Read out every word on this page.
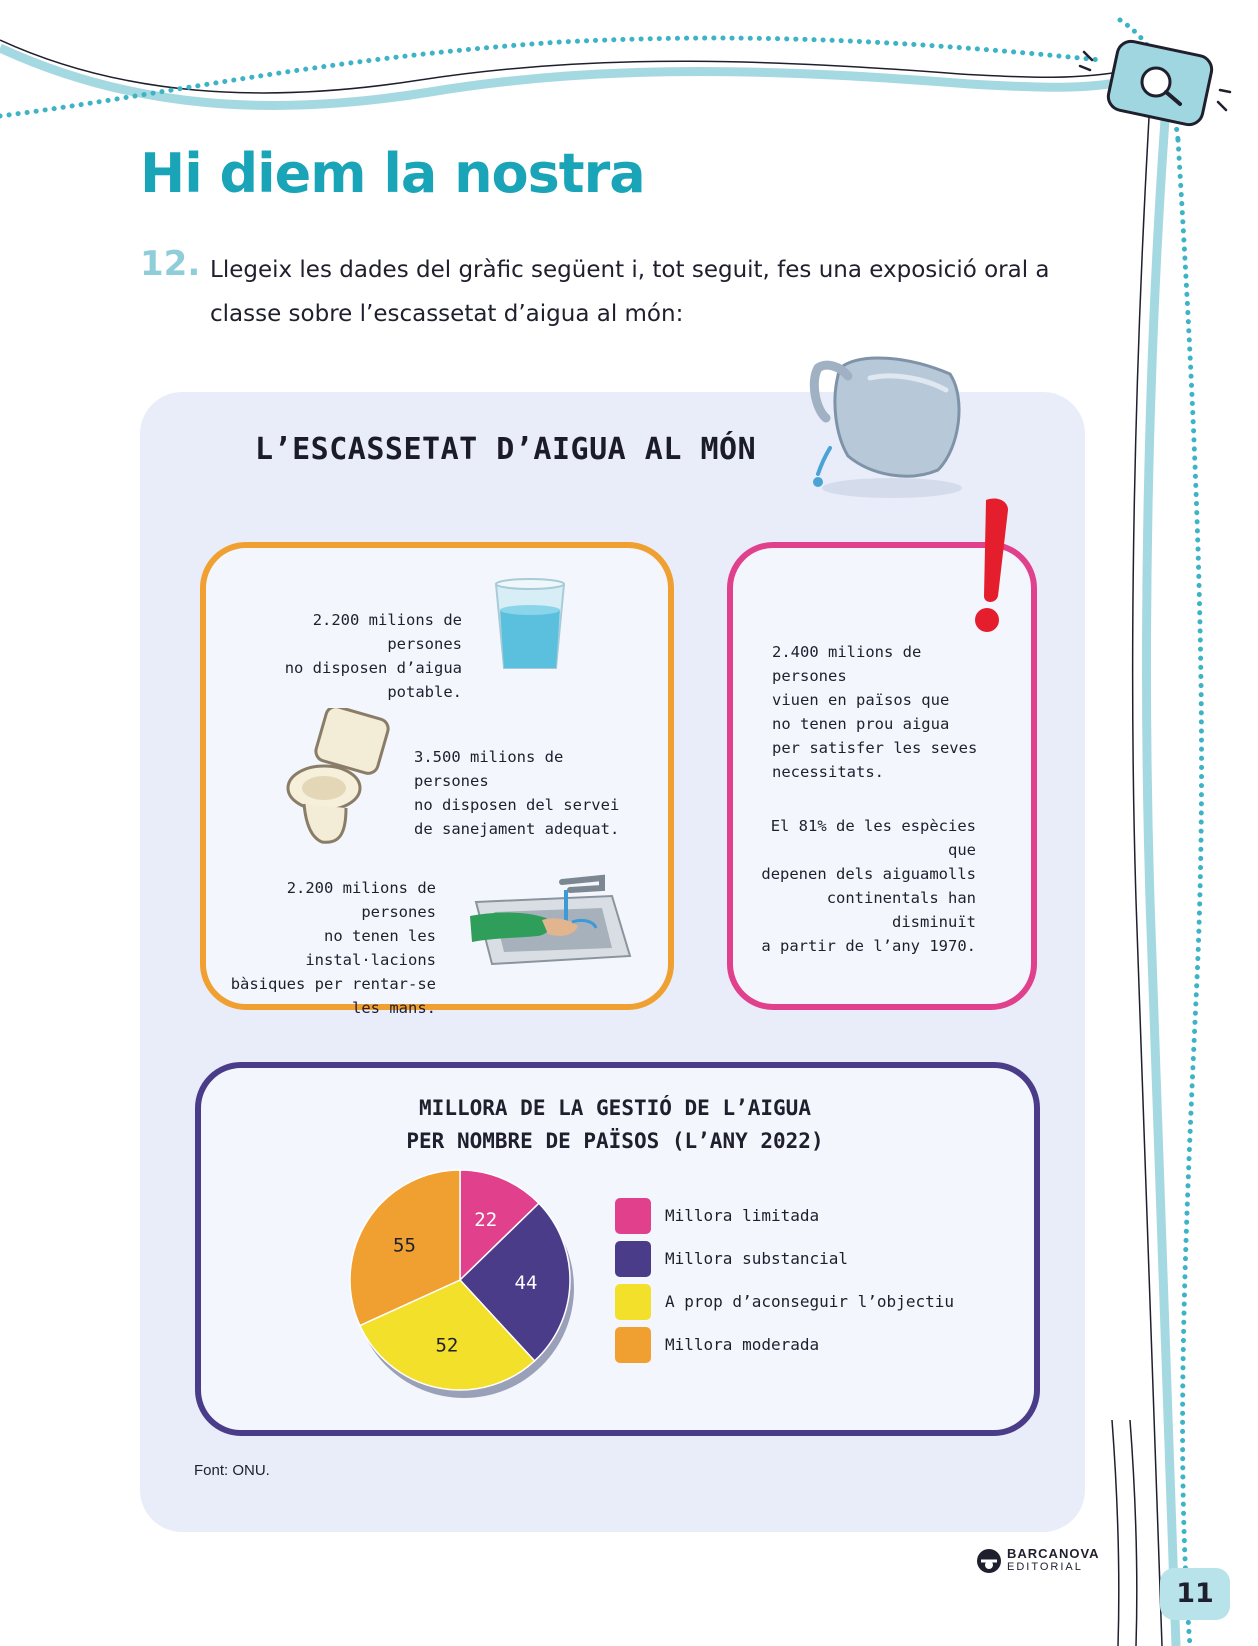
Hi diem la nostra
12. Llegeix les dades del gràfic següent i, tot seguit, fes una exposició oral a classe sobre l’escassetat d’aigua al món:
L’ESCASSETAT D’AIGUA AL MÓN
2.200 milions de persones
no disposen d’aigua potable.
3.500 milions de persones
no disposen del servei
de sanejament adequat.
2.200 milions de persones
no tenen les instal·lacions
bàsiques per rentar-se
les mans.
2.400 milions de persones
viuen en països que
no tenen prou aigua
per satisfer les seves
necessitats.
El 81% de les espècies que
depenen dels aiguamolls
continentals han disminuït
a partir de l’any 1970.
MILLORA DE LA GESTIÓ DE L’AIGUA
PER NOMBRE DE PAÏSOS (L’ANY 2022)
22
44
52
55
Millora limitada
Millora substancial
A prop d’aconseguir l’objectiu
Millora moderada
Font: ONU.
BARCANOVA
EDITORIAL
11
